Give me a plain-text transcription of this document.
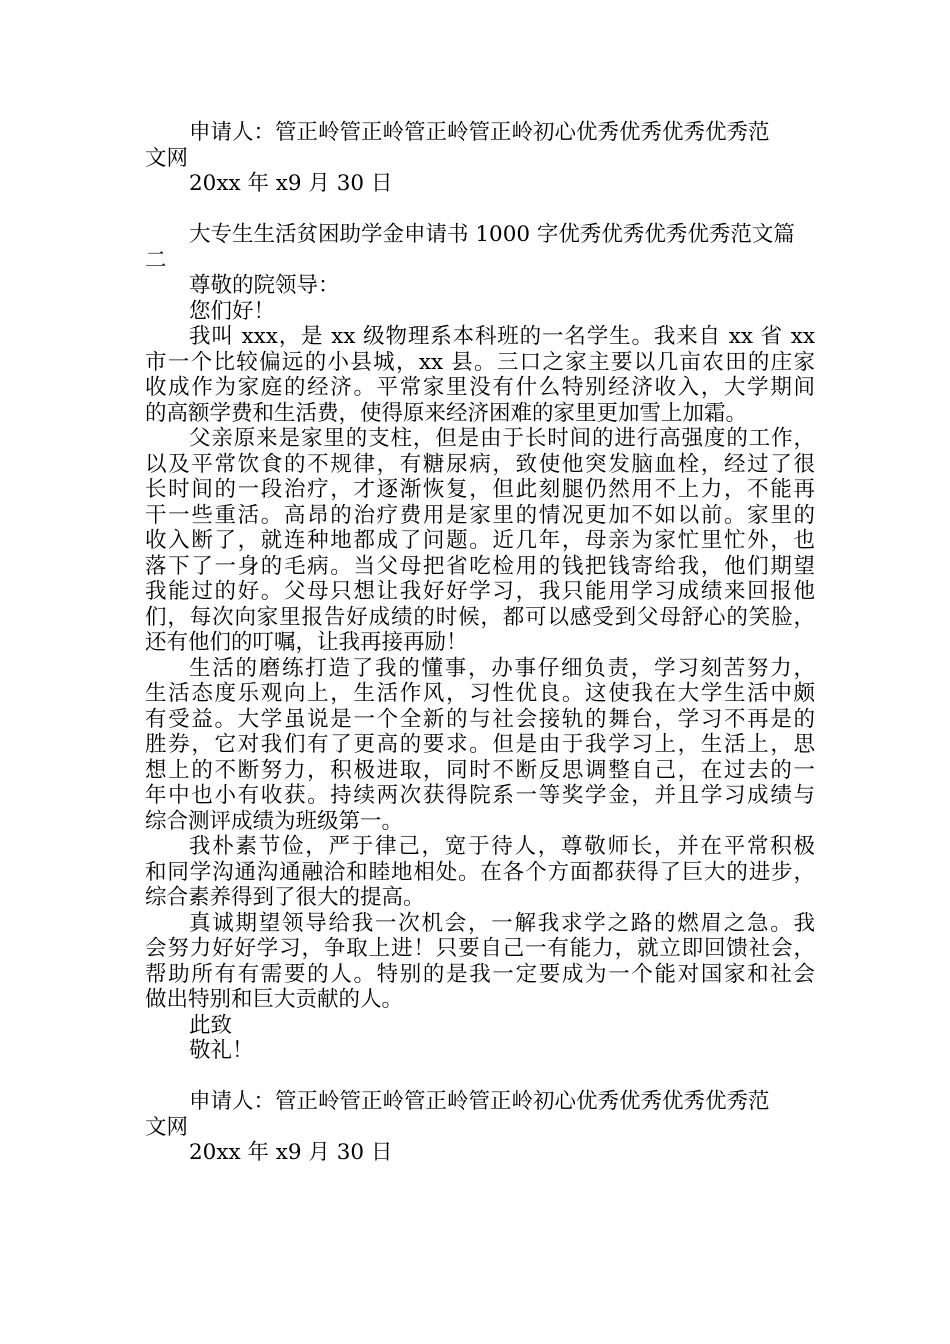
申请人：管正岭管正岭管正岭管正岭初心优秀优秀优秀优秀范
文网
20xx 年 x9 月 30 日
大专生生活贫困助学金申请书 1000 字优秀优秀优秀优秀范文篇
二
尊敬的院领导：
您们好！
我叫 xxx，是 xx 级物理系本科班的一名学生。我来自 xx 省 xx
市一个比较偏远的小县城，xx 县。三口之家主要以几亩农田的庄家
收成作为家庭的经济。平常家里没有什么特别经济收入，大学期间
的高额学费和生活费，使得原来经济困难的家里更加雪上加霜。
父亲原来是家里的支柱，但是由于长时间的进行高强度的工作，
以及平常饮食的不规律，有糖尿病，致使他突发脑血栓，经过了很
长时间的一段治疗，才逐渐恢复，但此刻腿仍然用不上力，不能再
干一些重活。高昂的治疗费用是家里的情况更加不如以前。家里的
收入断了，就连种地都成了问题。近几年，母亲为家忙里忙外，也
落下了一身的毛病。当父母把省吃检用的钱把钱寄给我，他们期望
我能过的好。父母只想让我好好学习，我只能用学习成绩来回报他
们，每次向家里报告好成绩的时候，都可以感受到父母舒心的笑脸，
还有他们的叮嘱，让我再接再励！
生活的磨练打造了我的懂事，办事仔细负责，学习刻苦努力，
生活态度乐观向上，生活作风，习性优良。这使我在大学生活中颇
有受益。大学虽说是一个全新的与社会接轨的舞台，学习不再是的
胜券，它对我们有了更高的要求。但是由于我学习上，生活上，思
想上的不断努力，积极进取，同时不断反思调整自己，在过去的一
年中也小有收获。持续两次获得院系一等奖学金，并且学习成绩与
综合测评成绩为班级第一。
我朴素节俭，严于律己，宽于待人，尊敬师长，并在平常积极
和同学沟通沟通融洽和睦地相处。在各个方面都获得了巨大的进步，
综合素养得到了很大的提高。
真诚期望领导给我一次机会，一解我求学之路的燃眉之急。我
会努力好好学习，争取上进！只要自己一有能力，就立即回馈社会，
帮助所有有需要的人。特别的是我一定要成为一个能对国家和社会
做出特别和巨大贡献的人。
此致
敬礼！
申请人：管正岭管正岭管正岭管正岭初心优秀优秀优秀优秀范
文网
20xx 年 x9 月 30 日
